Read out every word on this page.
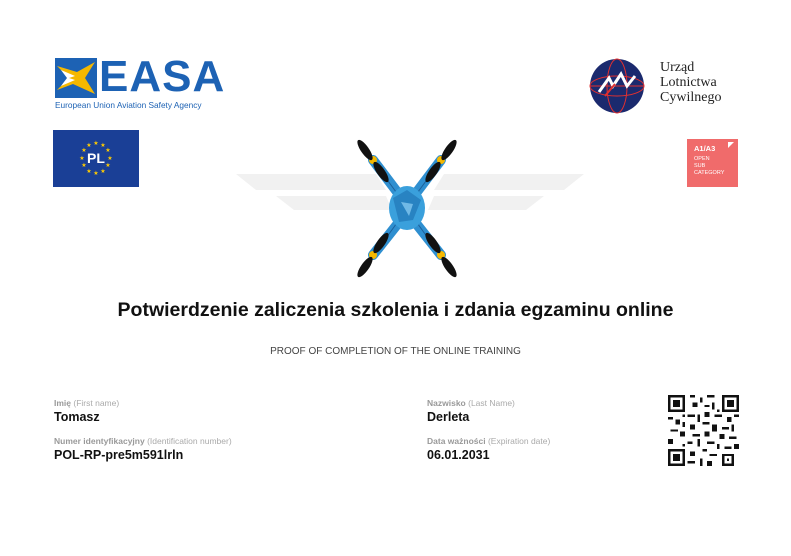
EASA
European Union Aviation Safety Agency
Urząd
Lotnictwa
Cywilnego
★ ★
★
★
★
★
★
★
★
★
★
★
PL
A1/A3
OPEN
SUB
CATEGORY
Potwierdzenie zaliczenia szkolenia i zdania egzaminu online
PROOF OF COMPLETION OF THE ONLINE TRAINING
Imię (First name)
Tomasz
Numer identyfikacyjny (Identification number)
POL-RP-pre5m591lrln
Nazwisko (Last Name)
Derleta
Data ważności (Expiration date)
06.01.2031
